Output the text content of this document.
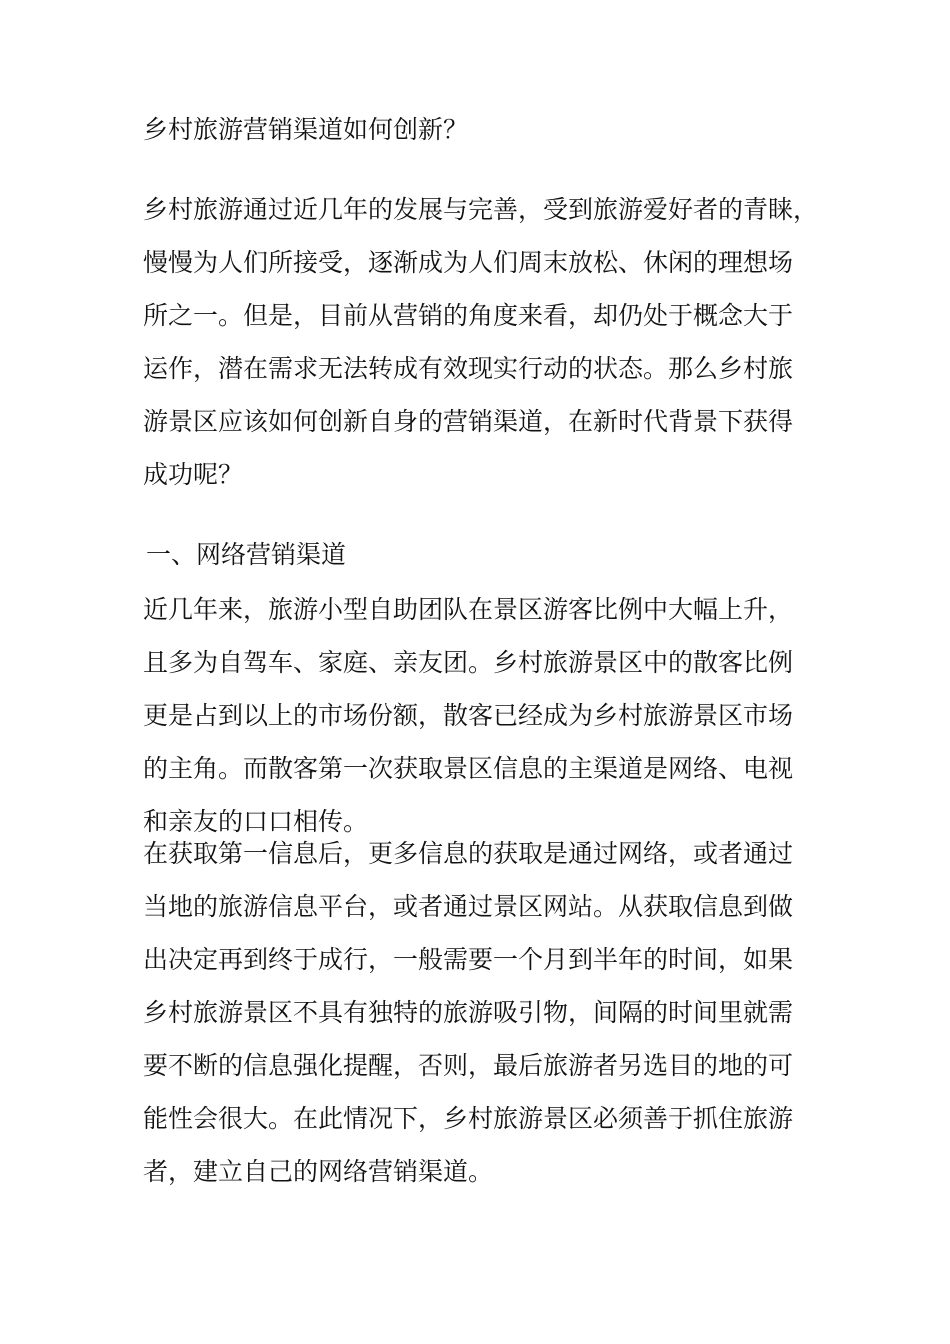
乡村旅游营销渠道如何创新？
乡村旅游通过近几年的发展与完善，受到旅游爱好者的青睐，
慢慢为人们所接受，逐渐成为人们周末放松、休闲的理想场
所之一。但是，目前从营销的角度来看，却仍处于概念大于
运作，潜在需求无法转成有效现实行动的状态。那么乡村旅
游景区应该如何创新自身的营销渠道，在新时代背景下获得
成功呢？
一、网络营销渠道
近几年来，旅游小型自助团队在景区游客比例中大幅上升，
且多为自驾车、家庭、亲友团。乡村旅游景区中的散客比例
更是占到以上的市场份额，散客已经成为乡村旅游景区市场
的主角。而散客第一次获取景区信息的主渠道是网络、电视
和亲友的口口相传。
在获取第一信息后，更多信息的获取是通过网络，或者通过
当地的旅游信息平台，或者通过景区网站。从获取信息到做
出决定再到终于成行，一般需要一个月到半年的时间，如果
乡村旅游景区不具有独特的旅游吸引物，间隔的时间里就需
要不断的信息强化提醒，否则，最后旅游者另选目的地的可
能性会很大。在此情况下，乡村旅游景区必须善于抓住旅游
者，建立自己的网络营销渠道。
